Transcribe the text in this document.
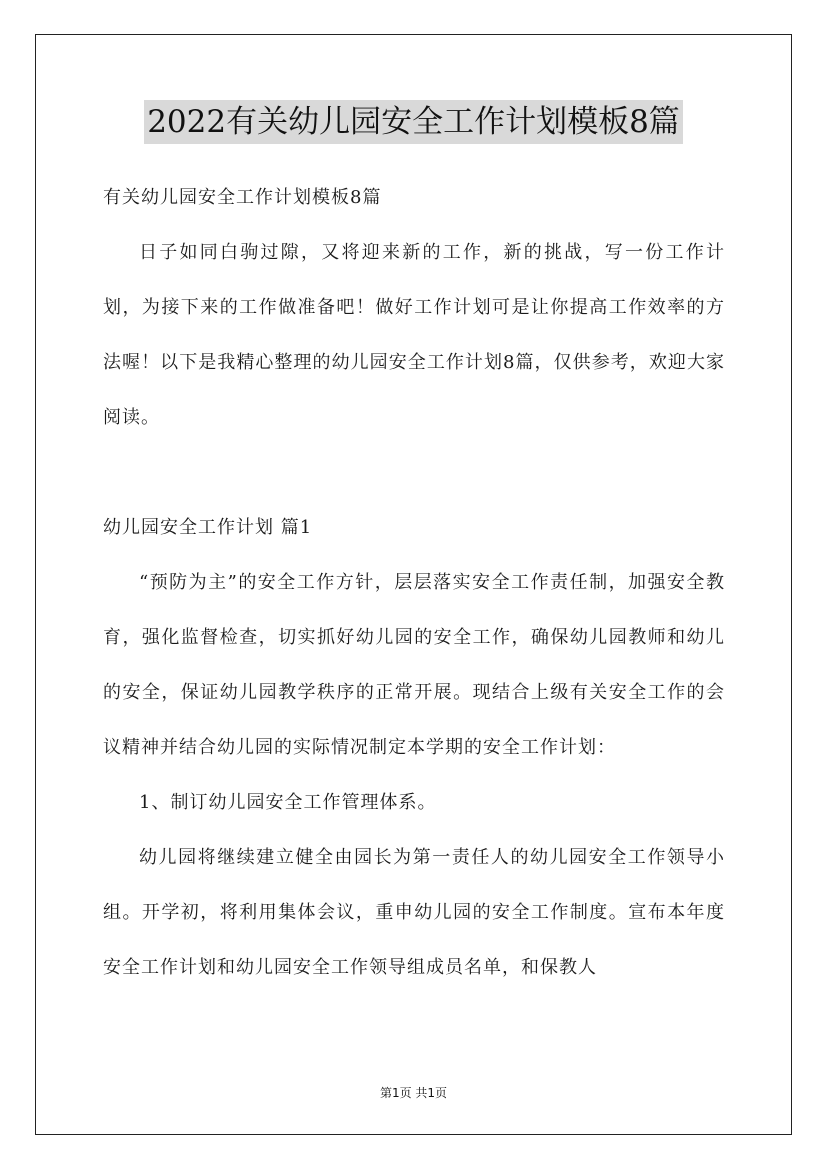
2022有关幼儿园安全工作计划模板8篇

有关幼儿园安全工作计划模板8篇

日子如同白驹过隙，又将迎来新的工作，新的挑战，写一份工作计划，为接下来的工作做准备吧！做好工作计划可是让你提高工作效率的方法喔！以下是我精心整理的幼儿园安全工作计划8篇，仅供参考，欢迎大家阅读。

幼儿园安全工作计划 篇1

“预防为主”的安全工作方针，层层落实安全工作责任制，加强安全教育，强化监督检查，切实抓好幼儿园的安全工作，确保幼儿园教师和幼儿的安全，保证幼儿园教学秩序的正常开展。现结合上级有关安全工作的会议精神并结合幼儿园的实际情况制定本学期的安全工作计划：

1、制订幼儿园安全工作管理体系。

幼儿园将继续建立健全由园长为第一责任人的幼儿园安全工作领导小组。开学初，将利用集体会议，重申幼儿园的安全工作制度。宣布本年度安全工作计划和幼儿园安全工作领导组成员名单，和保教人

第1页 共1页
